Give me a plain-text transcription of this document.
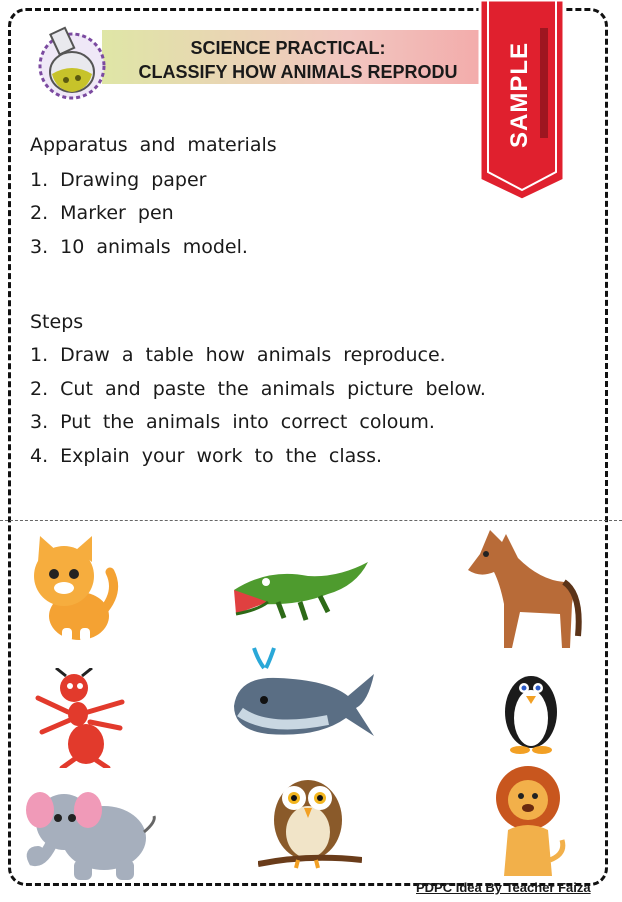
SCIENCE PRACTICAL:
CLASSIFY HOW ANIMALS REPRODU	SAMPLE
Apparatus and materials
1. Drawing paper
2. Marker pen
3. 10 animals model.
Steps
1. Draw a table how animals reproduce.
2. Cut and paste the animals picture below.
3. Put the animals into correct coloum.
4. Explain your work to the class.
PDPC Idea By Teacher Faiza
